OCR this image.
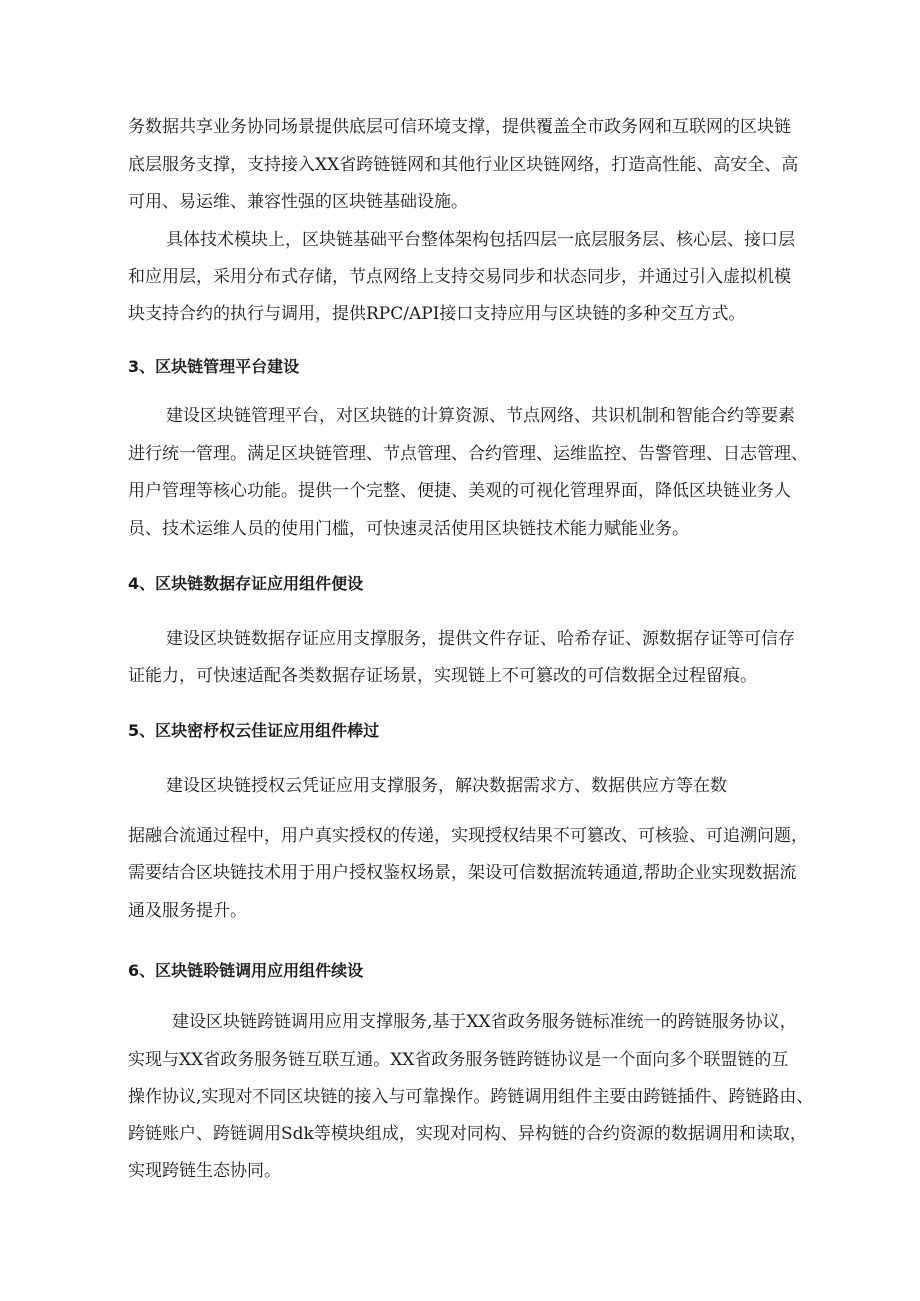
务数据共享业务协同场景提供底层可信环境支撑，提供覆盖全市政务网和互联网的区块链
底层服务支撑，支持接入XX省跨链链网和其他行业区块链网络，打造高性能、高安全、高
可用、易运维、兼容性强的区块链基础设施。
具体技术模块上，区块链基础平台整体架构包括四层一底层服务层、核心层、接口层
和应用层，采用分布式存储，节点网络上支持交易同步和状态同步，并通过引入虚拟机模
块支持合约的执行与调用，提供RPC/API接口支持应用与区块链的多种交互方式。
3、区块链管理平台建设
建设区块链管理平台，对区块链的计算资源、节点网络、共识机制和智能合约等要素
进行统一管理。满足区块链管理、节点管理、合约管理、运维监控、告警管理、日志管理、
用户管理等核心功能。提供一个完整、便捷、美观的可视化管理界面，降低区块链业务人
员、技术运维人员的使用门槛，可快速灵活使用区块链技术能力赋能业务。
4、区块链数据存证应用组件便设
建设区块链数据存证应用支撑服务，提供文件存证、哈希存证、源数据存证等可信存
证能力，可快速适配各类数据存证场景，实现链上不可篡改的可信数据全过程留痕。
5、区块密杼权云佳证应用组件棒过
建设区块链授权云凭证应用支撑服务，解决数据需求方、数据供应方等在数
据融合流通过程中，用户真实授权的传递，实现授权结果不可篡改、可核验、可追溯问题，
需要结合区块链技术用于用户授权鉴权场景，架设可信数据流转通道,帮助企业实现数据流
通及服务提升。
6、区块链聆链调用应用组件续设
建设区块链跨链调用应用支撑服务,基于XX省政务服务链标准统一的跨链服务协议，
实现与XX省政务服务链互联互通。XX省政务服务链跨链协议是一个面向多个联盟链的互
操作协议,实现对不同区块链的接入与可靠操作。跨链调用组件主要由跨链插件、跨链路由、
跨链账户、跨链调用Sdk等模块组成，实现对同构、异构链的合约资源的数据调用和读取，
实现跨链生态协同。
